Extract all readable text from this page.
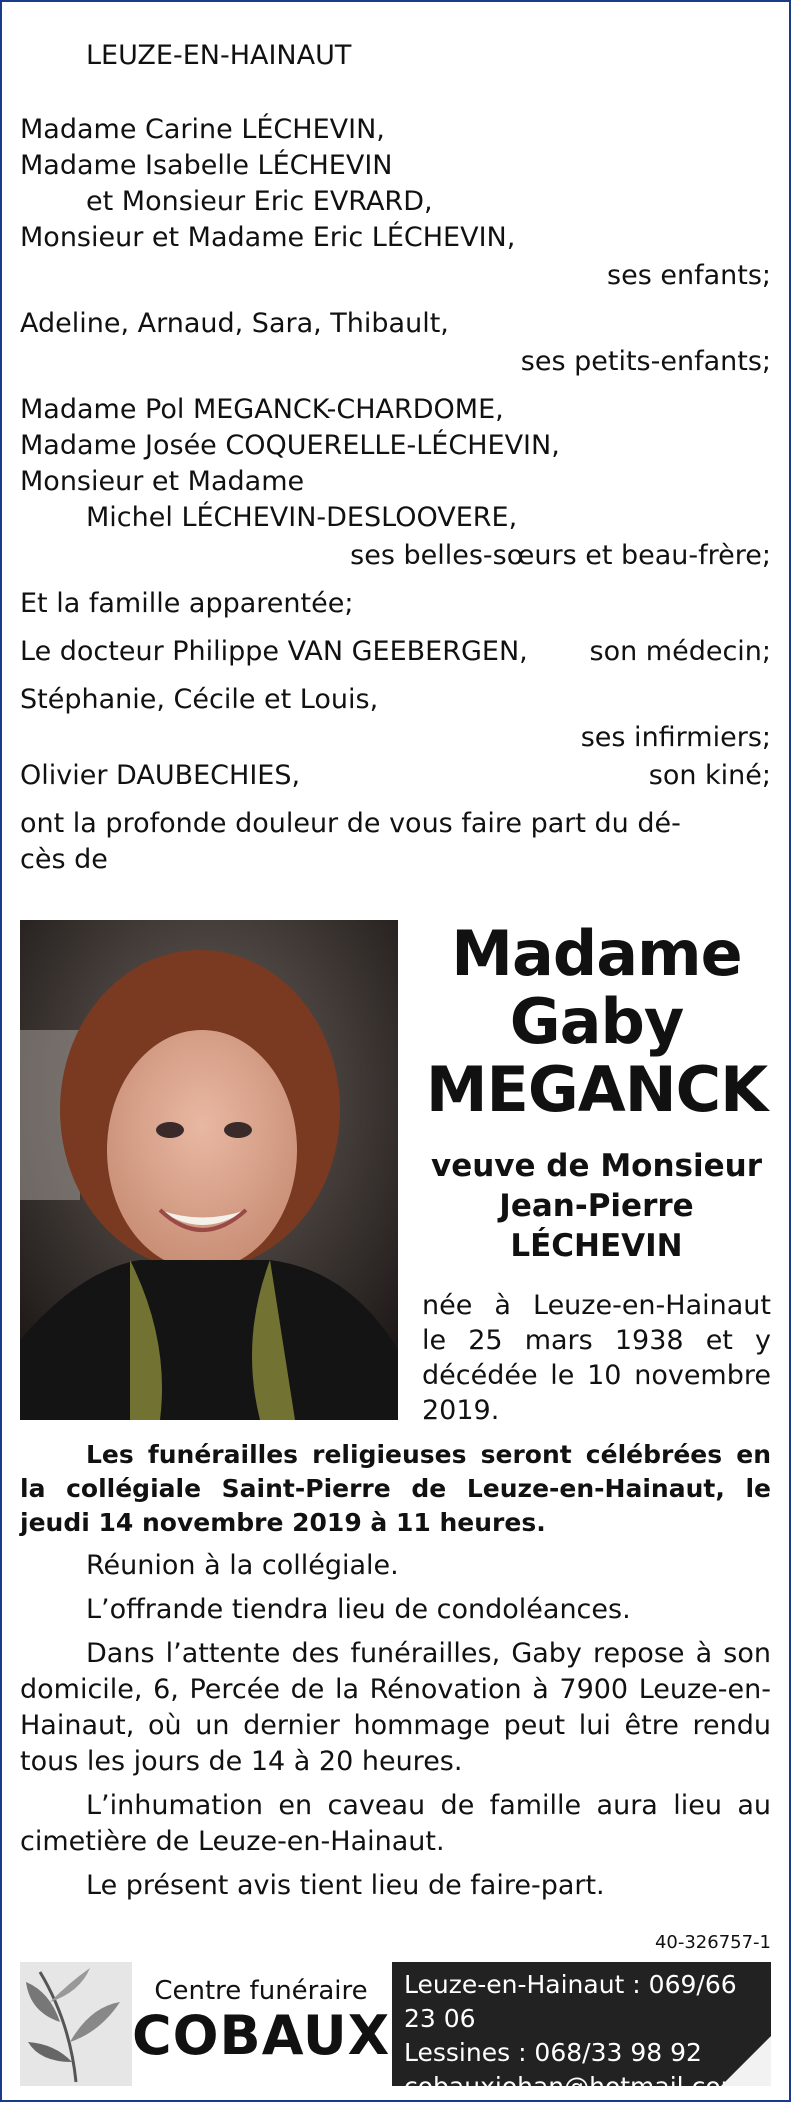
LEUZE-EN-HAINAUT
Madame Carine LÉCHEVIN,
Madame Isabelle LÉCHEVIN
et Monsieur Eric EVRARD,
Monsieur et Madame Eric LÉCHEVIN,
ses enfants;
Adeline, Arnaud, Sara, Thibault,
ses petits-enfants;
Madame Pol MEGANCK-CHARDOME,
Madame Josée COQUERELLE-LÉCHEVIN,
Monsieur et Madame
Michel LÉCHEVIN-DESLOOVERE,
ses belles-sœurs et beau-frère;
Et la famille apparentée;
Le docteur Philippe VAN GEEBERGEN, son médecin;
Stéphanie, Cécile et Louis,
ses infirmiers;
Olivier DAUBECHIES,	son kiné;
ont la profonde douleur de vous faire part du dé-
cès de
Madame
Gaby
MEGANCK
veuve de Monsieur
Jean-Pierre LÉCHEVIN
née à Leuze-en-Hainaut le 25 mars 1938 et y décédée le 10 novembre 2019.
Les funérailles religieuses seront célébrées en la collégiale Saint-Pierre de Leuze-en-Hainaut, le jeudi 14 novembre 2019 à 11 heures.
Réunion à la collégiale.
L’offrande tiendra lieu de condoléances.
Dans l’attente des funérailles, Gaby repose à son domicile, 6, Percée de la Rénovation à 7900 Leuze-en-Hainaut, où un dernier hommage peut lui être rendu tous les jours de 14 à 20 heures.
L’inhumation en caveau de famille aura lieu au cimetière de Leuze-en-Hainaut.
Le présent avis tient lieu de faire-part.
40-326757-1
Centre funéraire
COBAUX
Leuze-en-Hainaut : 069/66 23 06
Lessines : 068/33 98 92
cobauxjohan@hotmail.com
